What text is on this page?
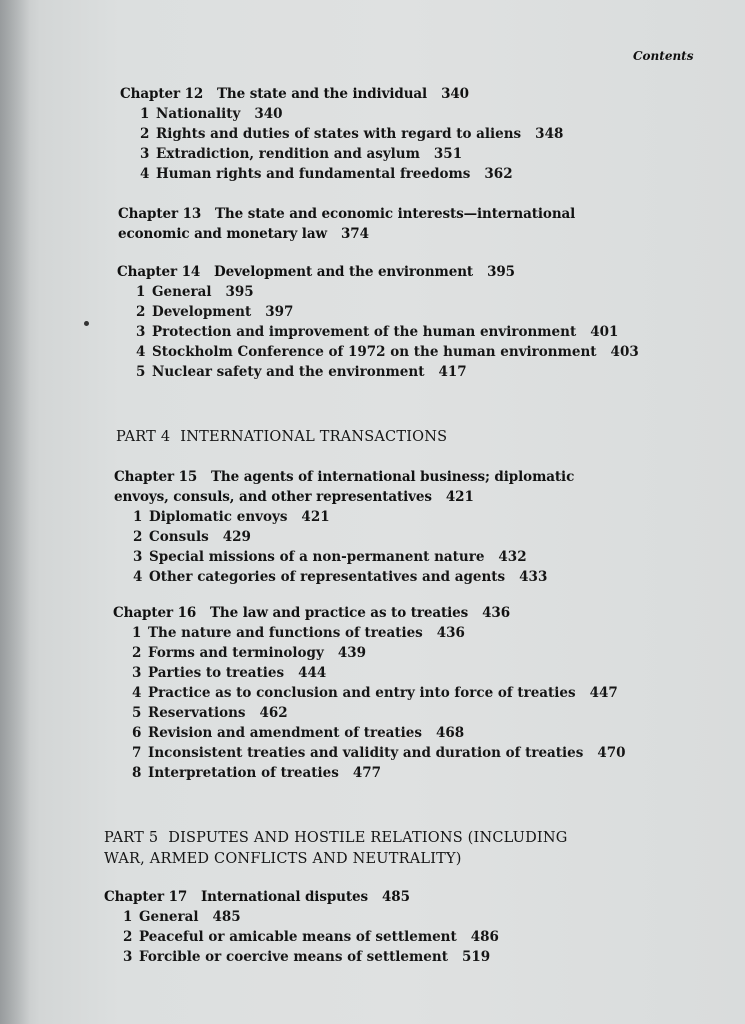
Contents
Chapter 12   The state and the individual 340
1 Nationality 340
2 Rights and duties of states with regard to aliens 348
3 Extradiction, rendition and asylum 351
4 Human rights and fundamental freedoms 362
Chapter 13   The state and economic interests—international
economic and monetary law 374
Chapter 14   Development and the environment 395
1 General 395
2 Development 397
3 Protection and improvement of the human environment 401
4 Stockholm Conference of 1972 on the human environment 403
5 Nuclear safety and the environment 417
PART 4 INTERNATIONAL TRANSACTIONS
Chapter 15   The agents of international business; diplomatic
envoys, consuls, and other representatives 421
1 Diplomatic envoys 421
2 Consuls 429
3 Special missions of a non-permanent nature 432
4 Other categories of representatives and agents 433
Chapter 16   The law and practice as to treaties 436
1 The nature and functions of treaties 436
2 Forms and terminology 439
3 Parties to treaties 444
4 Practice as to conclusion and entry into force of treaties 447
5 Reservations 462
6 Revision and amendment of treaties 468
7 Inconsistent treaties and validity and duration of treaties 470
8 Interpretation of treaties 477
PART 5 DISPUTES AND HOSTILE RELATIONS (INCLUDING
WAR, ARMED CONFLICTS AND NEUTRALITY)
Chapter 17   International disputes 485
1 General 485
2 Peaceful or amicable means of settlement 486
3 Forcible or coercive means of settlement 519
